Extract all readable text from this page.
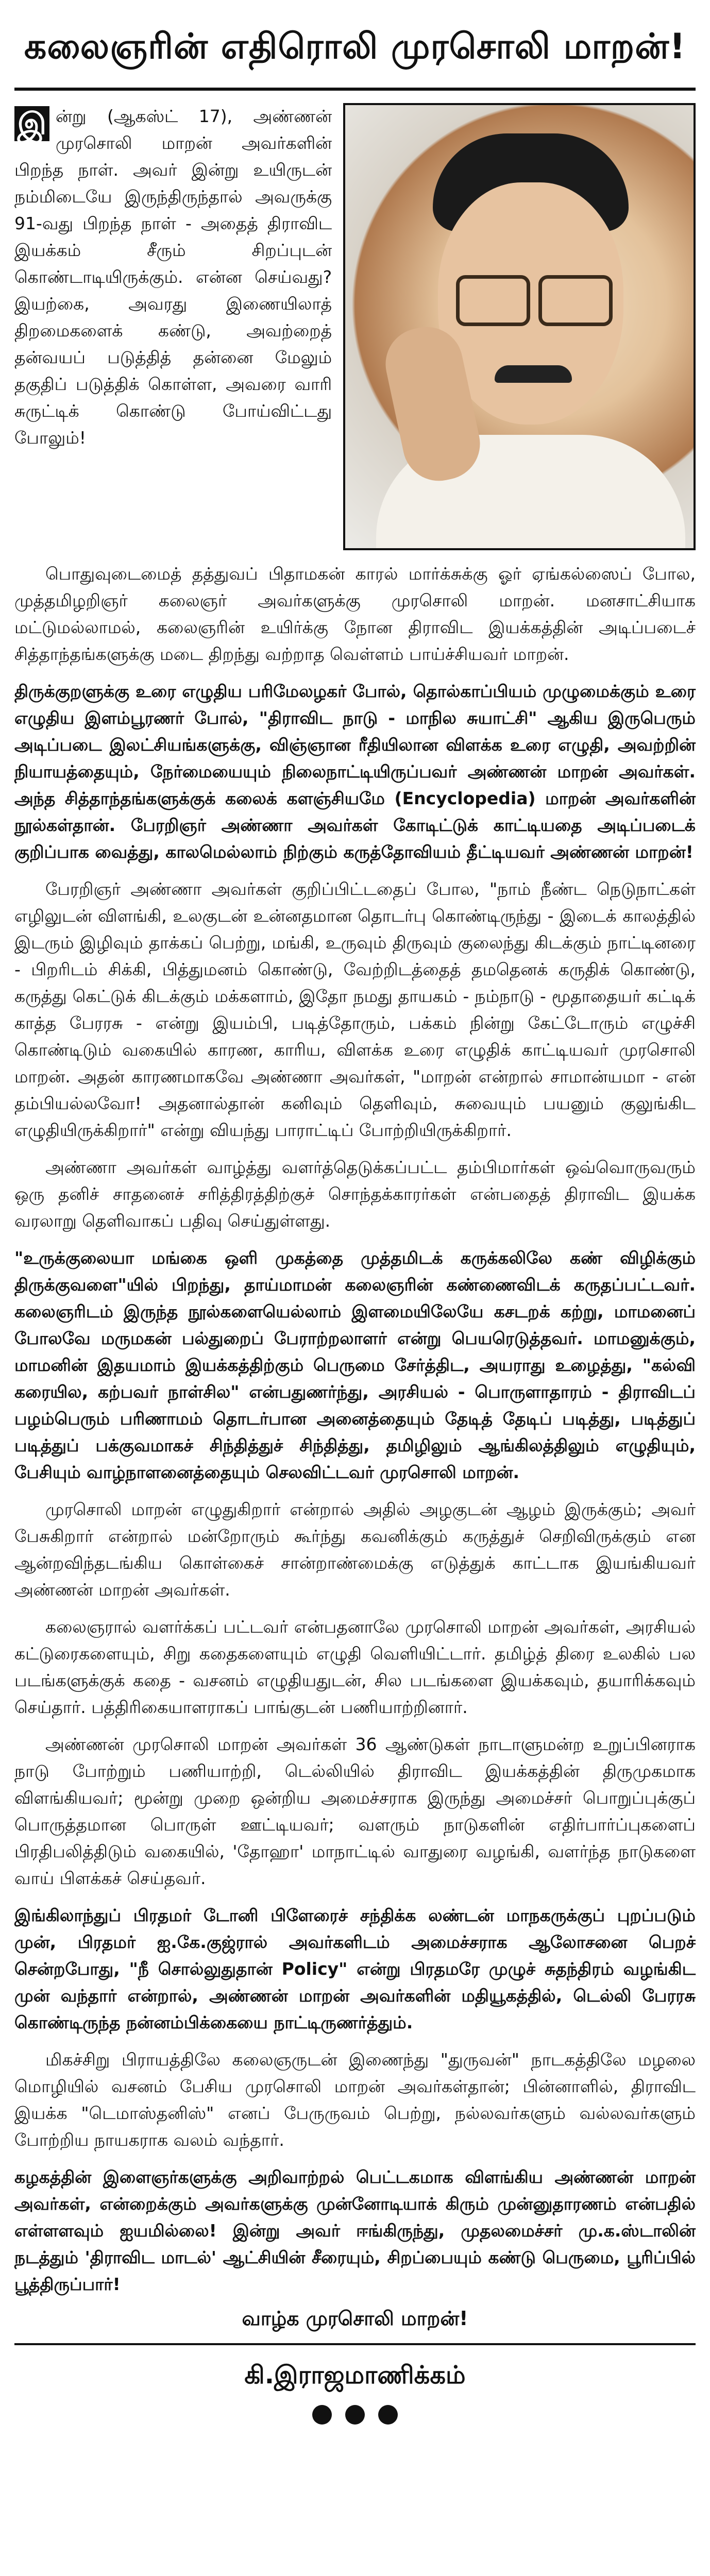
கலைஞரின் எதிரொலி முரசொலி மாறன்!
இ ன்று (ஆகஸ்ட் 17), அண்ணன் முரசொலி மாறன் அவர்களின் பிறந்த நாள். அவர் இன்று உயிருடன் நம்மிடையே இருந்திருந்தால் அவருக்கு 91-வது பிறந்த நாள் - அதைத் திராவிட இயக்கம் சீரும் சிறப்புடன் கொண்டாடியிருக்கும். என்ன செய்வது? இயற்கை, அவரது இணையிலாத் திறமைகளைக் கண்டு, அவற்றைத் தன்வயப் படுத்தித் தன்னை மேலும் தகுதிப் படுத்திக் கொள்ள, அவரை வாரி சுருட்டிக் கொண்டு போய்விட்டது போலும்!

பொதுவுடைமைத் தத்துவப் பிதாமகன் காரல் மார்க்சுக்கு ஓர் ஏங்கல்ஸைப் போல, முத்தமிழறிஞர் கலைஞர் அவர்களுக்கு முரசொலி மாறன். மனசாட்சியாக மட்டுமல்லாமல், கலைஞரின் உயிர்க்கு நோன திராவிட இயக்கத்தின் அடிப்படைச் சித்தாந்தங்களுக்கு மடை திறந்து வற்றாத வெள்ளம் பாய்ச்சியவர் மாறன்.

திருக்குறளுக்கு உரை எழுதிய பரிமேலழகர் போல், தொல்காப்பியம் முழுமைக்கும் உரை எழுதிய இளம்பூரணர் போல், "திராவிட நாடு - மாநில சுயாட்சி" ஆகிய இருபெரும் அடிப்படை இலட்சியங்களுக்கு, விஞ்ஞான ரீதியிலான விளக்க உரை எழுதி, அவற்றின் நியாயத்தையும், நேர்மையையும் நிலைநாட்டியிருப்பவர் அண்ணன் மாறன் அவர்கள். அந்த சித்தாந்தங்களுக்குக் கலைக் களஞ்சியமே (Encyclopedia) மாறன் அவர்களின் நூல்கள்தான். பேரறிஞர் அண்ணா அவர்கள் கோடிட்டுக் காட்டியதை அடிப்படைக் குறிப்பாக வைத்து, காலமெல்லாம் நிற்கும் கருத்தோவியம் தீட்டியவர் அண்ணன் மாறன்!

பேரறிஞர் அண்ணா அவர்கள் குறிப்பிட்டதைப் போல, "நாம் நீண்ட நெடுநாட்கள் எழிலுடன் விளங்கி, உலகுடன் உன்னதமான தொடர்பு கொண்டிருந்து - இடைக் காலத்தில் இடரும் இழிவும் தாக்கப் பெற்று, மங்கி, உருவும் திருவும் குலைந்து கிடக்கும் நாட்டினரை - பிறரிடம் சிக்கி, பித்துமனம் கொண்டு, வேற்றிடத்தைத் தமதெனக் கருதிக் கொண்டு, கருத்து கெட்டுக் கிடக்கும் மக்களாம், இதோ நமது தாயகம் - நம்நாடு - மூதாதையர் கட்டிக் காத்த பேரரசு - என்று இயம்பி, படித்தோரும், பக்கம் நின்று கேட்டோரும் எழுச்சி கொண்டிடும் வகையில் காரண, காரிய, விளக்க உரை எழுதிக் காட்டியவர் முரசொலி மாறன். அதன் காரணமாகவே அண்ணா அவர்கள், "மாறன் என்றால் சாமான்யமா - என் தம்பியல்லவோ! அதனால்தான் கனிவும் தெளிவும், சுவையும் பயனும் குலுங்கிட எழுதியிருக்கிறார்" என்று வியந்து பாராட்டிப் போற்றியிருக்கிறார்.

அண்ணா அவர்கள் வாழ்த்து வளர்த்தெடுக்கப்பட்ட தம்பிமார்கள் ஒவ்வொருவரும் ஒரு தனிச் சாதனைச் சரித்திரத்திற்குச் சொந்தக்காரர்கள் என்பதைத் திராவிட இயக்க வரலாறு தெளிவாகப் பதிவு செய்துள்ளது.

"உருக்குலையா மங்கை ஒளி முகத்தை முத்தமிடக் கருக்கலிலே கண் விழிக்கும் திருக்குவளை"யில் பிறந்து, தாய்மாமன் கலைஞரின் கண்ணைவிடக் கருதப்பட்டவர். கலைஞரிடம் இருந்த நூல்களையெல்லாம் இளமையிலேயே கசடறக் கற்று, மாமனைப் போலவே மருமகன் பல்துறைப் பேராற்றலாளர் என்று பெயரெடுத்தவர். மாமனுக்கும், மாமனின் இதயமாம் இயக்கத்திற்கும் பெருமை சேர்த்திட, அயராது உழைத்து, "கல்வி கரையில, கற்பவர் நாள்சில" என்பதுணர்ந்து, அரசியல் - பொருளாதாரம் - திராவிடப் பழம்பெரும் பரிணாமம் தொடர்பான அனைத்தையும் தேடித் தேடிப் படித்து, படித்துப் படித்துப் பக்குவமாகச் சிந்தித்துச் சிந்தித்து, தமிழிலும் ஆங்கிலத்திலும் எழுதியும், பேசியும் வாழ்நாளனைத்தையும் செலவிட்டவர் முரசொலி மாறன்.

முரசொலி மாறன் எழுதுகிறார் என்றால் அதில் அழகுடன் ஆழம் இருக்கும்; அவர் பேசுகிறார் என்றால் மன்றோரும் கூர்ந்து கவனிக்கும் கருத்துச் செறிவிருக்கும் என ஆன்றவிந்தடங்கிய கொள்கைச் சான்றாண்மைக்கு எடுத்துக் காட்டாக இயங்கியவர் அண்ணன் மாறன் அவர்கள்.

கலைஞரால் வளர்க்கப் பட்டவர் என்பதனாலே முரசொலி மாறன் அவர்கள், அரசியல் கட்டுரைகளையும், சிறு கதைகளையும் எழுதி வெளியிட்டார். தமிழ்த் திரை உலகில் பல படங்களுக்குக் கதை - வசனம் எழுதியதுடன், சில படங்களை இயக்கவும், தயாரிக்கவும் செய்தார். பத்திரிகையாளராகப் பாங்குடன் பணியாற்றினார்.

அண்ணன் முரசொலி மாறன் அவர்கள் 36 ஆண்டுகள் நாடாளுமன்ற உறுப்பினராக நாடு போற்றும் பணியாற்றி, டெல்லியில் திராவிட இயக்கத்தின் திருமுகமாக விளங்கியவர்; மூன்று முறை ஒன்றிய அமைச்சராக இருந்து அமைச்சர் பொறுப்புக்குப் பொருத்தமான பொருள் ஊட்டியவர்; வளரும் நாடுகளின் எதிர்பார்ப்புகளைப் பிரதிபலித்திடும் வகையில், 'தோஹா' மாநாட்டில் வாதுரை வழங்கி, வளர்ந்த நாடுகளை வாய் பிளக்கச் செய்தவர்.

இங்கிலாந்துப் பிரதமர் டோனி பிளேரைச் சந்திக்க லண்டன் மாநகருக்குப் புறப்படும் முன், பிரதமர் ஐ.கே.குஜ்ரால் அவர்களிடம் அமைச்சராக ஆலோசனை பெறச் சென்றபோது, "நீ சொல்லுதுதான் Policy" என்று பிரதமரே முழுச் சுதந்திரம் வழங்கிட முன் வந்தார் என்றால், அண்ணன் மாறன் அவர்களின் மதியூகத்தில், டெல்லி பேரரசு கொண்டிருந்த நன்னம்பிக்கையை நாட்டிருணர்த்தும்.

மிகச்சிறு பிராயத்திலே கலைஞருடன் இணைந்து "துருவன்" நாடகத்திலே மழலை மொழியில் வசனம் பேசிய முரசொலி மாறன் அவர்கள்தான்; பின்னாளில், திராவிட இயக்க "டெமாஸ்தனிஸ்" எனப் பேருருவம் பெற்று, நல்லவர்களும் வல்லவர்களும் போற்றிய நாயகராக வலம் வந்தார்.

கழகத்தின் இளைஞர்களுக்கு அறிவாற்றல் பெட்டகமாக விளங்கிய அண்ணன் மாறன் அவர்கள், என்றைக்கும் அவர்களுக்கு முன்னோடியாக் கிரும் முன்னுதாரணம் என்பதில் எள்ளளவும் ஐயமில்லை! இன்று அவர் ஈங்கிருந்து, முதலமைச்சர் மு.க.ஸ்டாலின் நடத்தும் 'திராவிட மாடல்' ஆட்சியின் சீரையும், சிறப்பையும் கண்டு பெருமை, பூரிப்பில் பூத்திருப்பார்!

வாழ்க முரசொலி மாறன்!
கி.இராஜமாணிக்கம்
